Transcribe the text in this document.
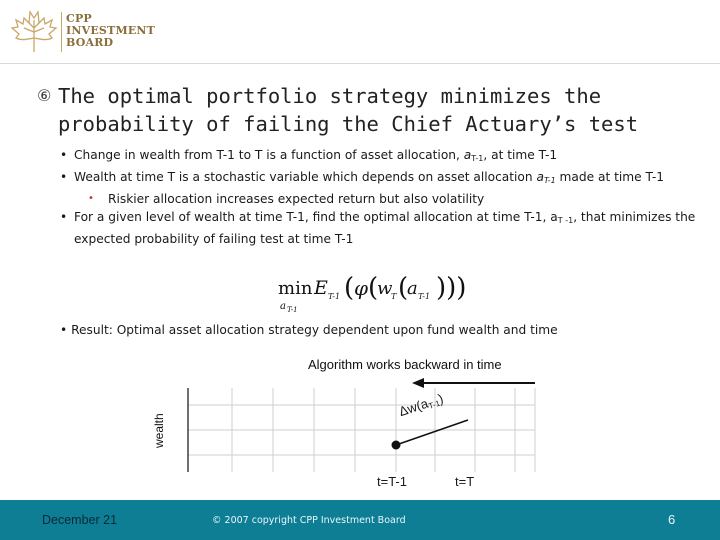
CPP
INVESTMENT
BOARD
⑥ The optimal portfolio strategy minimizes the probability of failing the Chief Actuary’s test
• Change in wealth from T-1 to T is a function of asset allocation, $a_{T-1}$, at time T-1
• Wealth at time T is a stochastic variable which depends on asset allocation $a_{T-1}$ made at time T-1
• Riskier allocation increases expected return but also volatility
• For a given level of wealth at time T-1, find the optimal allocation at time T-1, $a_{T -1}$, that minimizes the expected probability of failing test at time T-1
min
a T-1
E T-1 ( φ (
w
T (
a T-1 )))
• Result: Optimal asset allocation strategy dependent upon fund wealth and time
Algorithm works backward in time
wealth
$\Delta w(a_{T-1})$
t=T-1	t=T
December 21	© 2007 copyright CPP Investment Board	6
